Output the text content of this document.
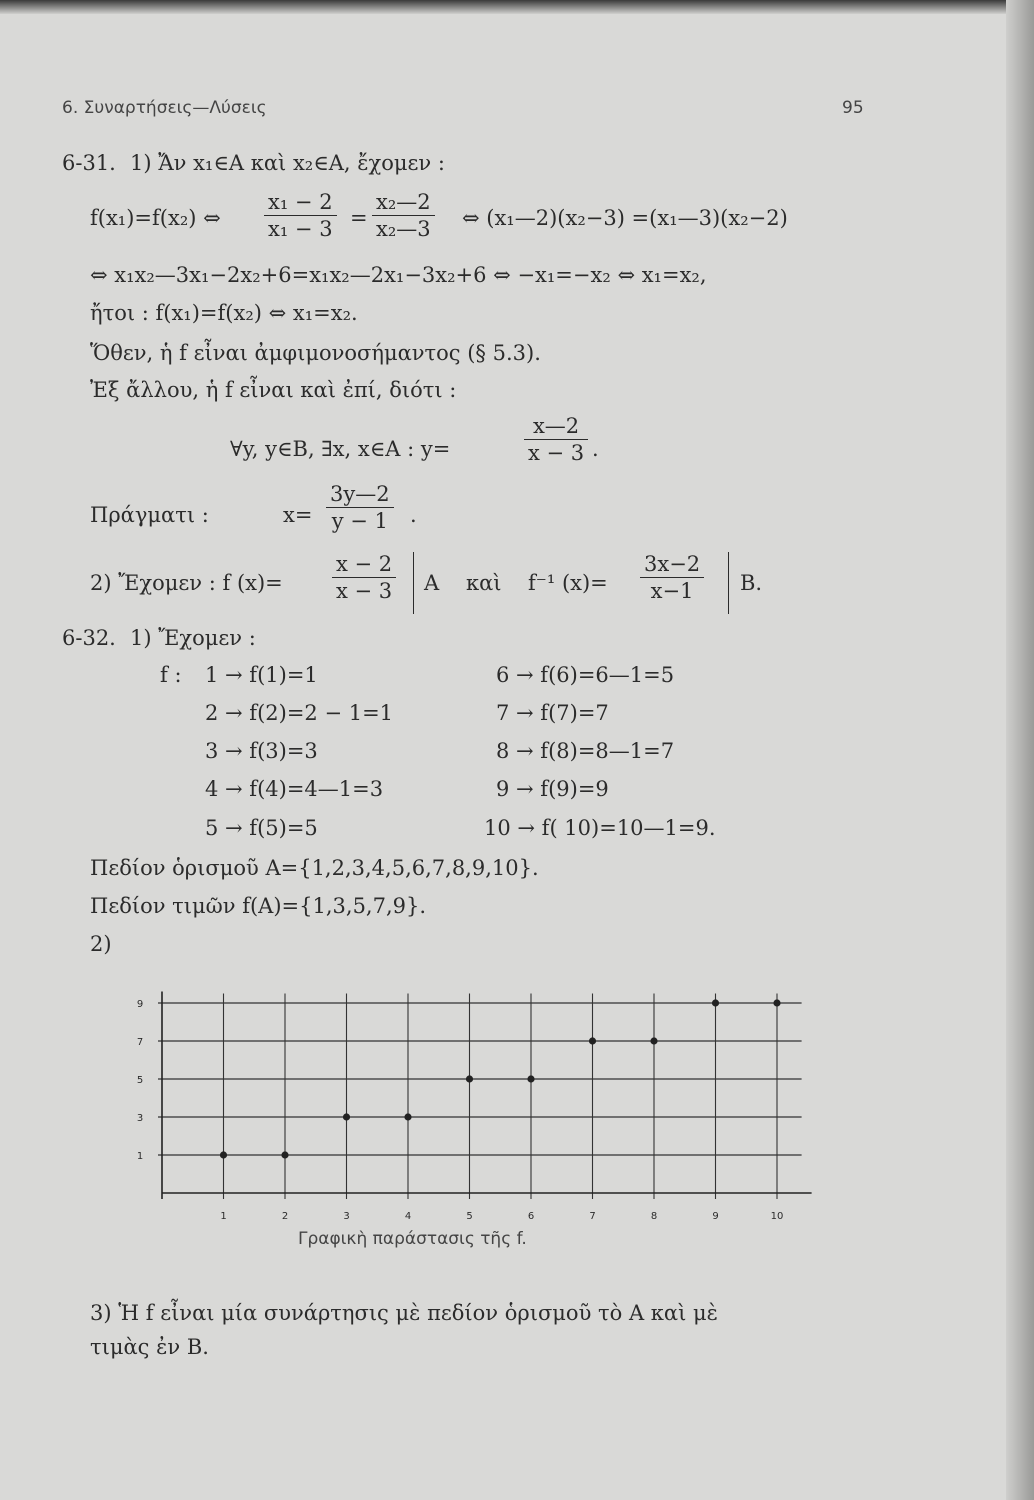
6. Συναρτήσεις—Λύσεις	95
6-31. 1) Ἄν x₁∈A καὶ x₂∈A, ἔχομεν :
f(x₁)=f(x₂) ⇔ $\frac{\text{x₁ − 2}}{\text{x₁ − 3}} = \frac{\text{x₂—2}}{\text{x₂—3}}$ ⇔ (x₁—2)(x₂−3) =(x₁—3)(x₂−2)
⇔ x₁x₂—3x₁−2x₂+6=x₁x₂—2x₁−3x₂+6 ⇔ −x₁=−x₂ ⇔ x₁=x₂,
ἤτοι : f(x₁)=f(x₂) ⇔ x₁=x₂.
Ὅθεν, ἡ f εἶναι ἀμφιμονοσήμαντος (§ 5.3).
Ἐξ ἄλλου, ἡ f εἶναι καὶ ἐπί, διότι :
∀y, y∈B, ∃x, x∈A : y=	$\frac{x—2}{x - 3}$ .
Πράγματι :	$x= \frac{3y—2}{y - 1}$ .
2) Ἔχομεν : f $(x)= \frac{x - 2}{x - 3}$ A καὶ f⁻¹ $(x)= \frac{3x-2}{x-1} B$.
6-32. 1) Ἔχομεν :
f : 1 → f(1)=1
2 → f(2)=2 − 1=1
3 → f(3)=3
4 → f(4)=4—1=3
5 → f(5)=5
6 → f(6)=6—1=5
7 → f(7)=7
8 → f(8)=8—1=7
9 → f(9)=9
10 → f( 10)=10—1=9.
Πεδίον ὁρισμοῦ A={1,2,3,4,5,6,7,8,9,10}.
Πεδίον τιμῶν f(A)={1,3,5,7,9}.
2)
1
3
5
7
9
1	2	3	4	5	6	7	8	9	10
Γραφικὴ παράστασις τῆς f.
3) Ἡ f εἶναι μία συνάρτησις μὲ πεδίον ὁρισμοῦ τὸ A καὶ μὲ
τιμὰς ἐν B.
